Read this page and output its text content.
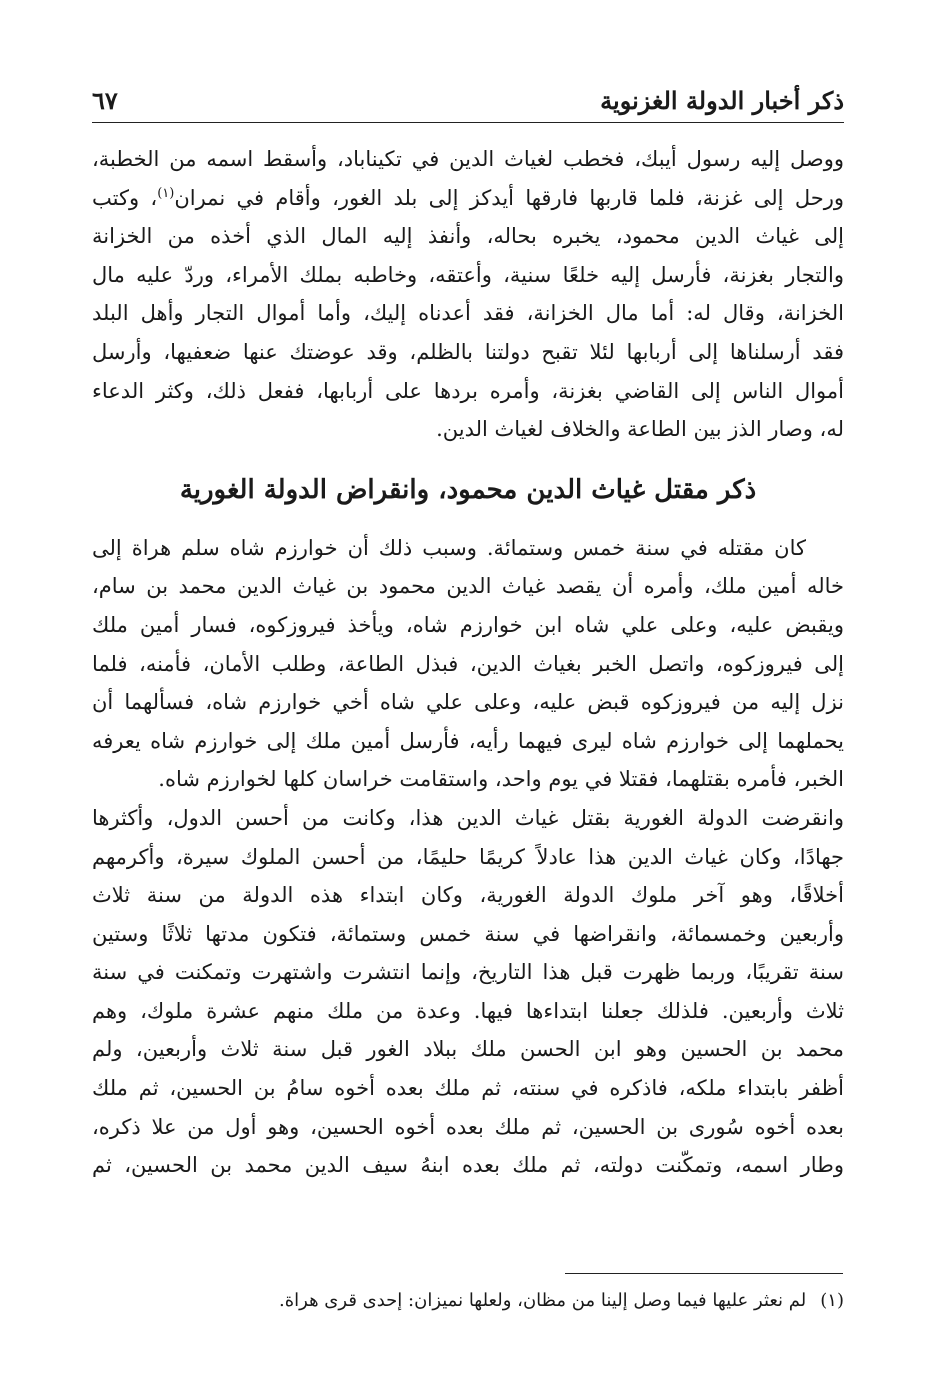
ذكر أخبار الدولة الغزنوية
٦٧
ووصل إليه رسول أيبك، فخطب لغياث الدين في تكيناباد، وأسقط اسمه من الخطبة،
ورحل إلى غزنة، فلما قاربها فارقها أيدكز إلى بلد الغور، وأقام في نمران$^{(١)}$، وكتب
إلى غياث الدين محمود، يخبره بحاله، وأنفذ إليه المال الذي أخذه من الخزانة
والتجار بغزنة، فأرسل إليه خلعًا سنية، وأعتقه، وخاطبه بملك الأمراء، وردّ عليه مال
الخزانة، وقال له: أما مال الخزانة، فقد أعدناه إليك، وأما أموال التجار وأهل البلد
فقد أرسلناها إلى أربابها لئلا تقبح دولتنا بالظلم، وقد عوضتك عنها ضعفيها، وأرسل
أموال الناس إلى القاضي بغزنة، وأمره بردها على أربابها، ففعل ذلك، وكثر الدعاء
له، وصار الذز بين الطاعة والخلاف لغياث الدين.
ذكر مقتل غياث الدين محمود، وانقراض الدولة الغورية
كان مقتله في سنة خمس وستمائة. وسبب ذلك أن خوارزم شاه سلم هراة إلى
خاله أمين ملك، وأمره أن يقصد غياث الدين محمود بن غياث الدين محمد بن سام،
ويقبض عليه، وعلى علي شاه ابن خوارزم شاه، ويأخذ فيروزكوه، فسار أمين ملك
إلى فيروزكوه، واتصل الخبر بغياث الدين، فبذل الطاعة، وطلب الأمان، فأمنه، فلما
نزل إليه من فيروزكوه قبض عليه، وعلى علي شاه أخي خوارزم شاه، فسألهما أن
يحملهما إلى خوارزم شاه ليرى فيهما رأيه، فأرسل أمين ملك إلى خوارزم شاه يعرفه
الخبر، فأمره بقتلهما، فقتلا في يوم واحد، واستقامت خراسان كلها لخوارزم شاه.
وانقرضت الدولة الغورية بقتل غياث الدين هذا، وكانت من أحسن الدول، وأكثرها
جهادًا، وكان غياث الدين هذا عادلاً كريمًا حليمًا، من أحسن الملوك سيرة، وأكرمهم
أخلاقًا، وهو آخر ملوك الدولة الغورية، وكان ابتداء هذه الدولة من سنة ثلاث
وأربعين وخمسمائة، وانقراضها في سنة خمس وستمائة، فتكون مدتها ثلاثًا وستين
سنة تقريبًا، وربما ظهرت قبل هذا التاريخ، وإنما انتشرت واشتهرت وتمكنت في سنة
ثلاث وأربعين. فلذلك جعلنا ابتداءها فيها. وعدة من ملك منهم عشرة ملوك، وهم
محمد بن الحسين وهو ابن الحسن ملك ببلاد الغور قبل سنة ثلاث وأربعين، ولم
أظفر بابتداء ملكه، فاذكره في سنته، ثم ملك بعده أخوه سامُ بن الحسين، ثم ملك
بعده أخوه سُورى بن الحسين، ثم ملك بعده أخوه الحسين، وهو أول من علا ذكره،
وطار اسمه، وتمكّنت دولته، ثم ملك بعده ابنهُ سيف الدين محمد بن الحسين، ثم
(١)لم نعثر عليها فيما وصل إلينا من مظان، ولعلها نميزان: إحدى قرى هراة.
